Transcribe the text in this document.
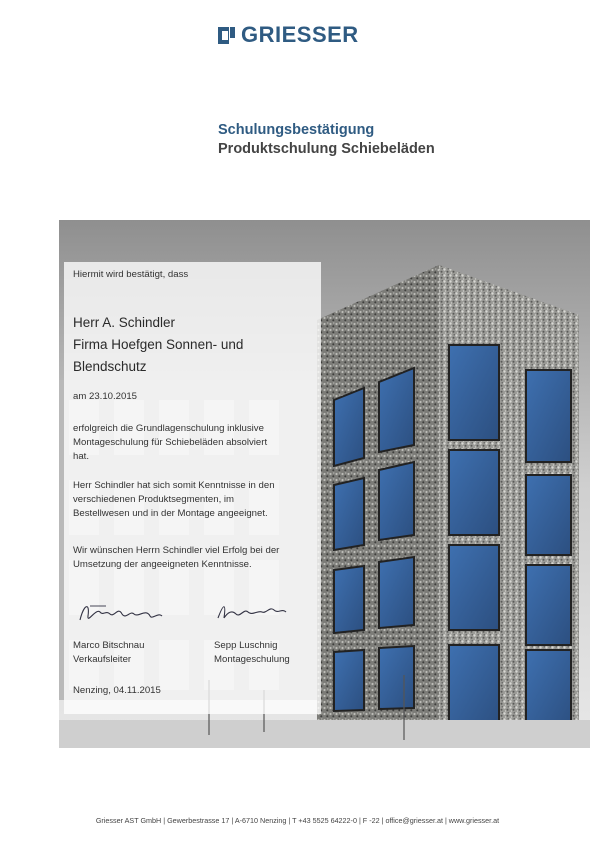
GRIESSER
Schulungsbestätigung
Produktschulung Schiebeläden
Hiermit wird bestätigt, dass
Herr A. Schindler
Firma Hoefgen Sonnen- und
Blendschutz
am 23.10.2015
erfolgreich die Grundlagenschulung inklusive
Montageschulung für Schiebeläden absolviert
hat.
Herr Schindler hat sich somit Kenntnisse in den
verschiedenen Produktsegmenten, im
Bestellwesen und in der Montage angeeignet.
Wir wünschen Herrn Schindler viel Erfolg bei der
Umsetzung der angeeigneten Kenntnisse.
Marco Bitschnau
Verkaufsleiter
Sepp Luschnig
Montageschulung
Nenzing, 04.11.2015
Griesser AST GmbH | Gewerbestrasse 17 | A-6710 Nenzing | T +43 5525 64222-0 | F -22 | office@griesser.at | www.griesser.at
